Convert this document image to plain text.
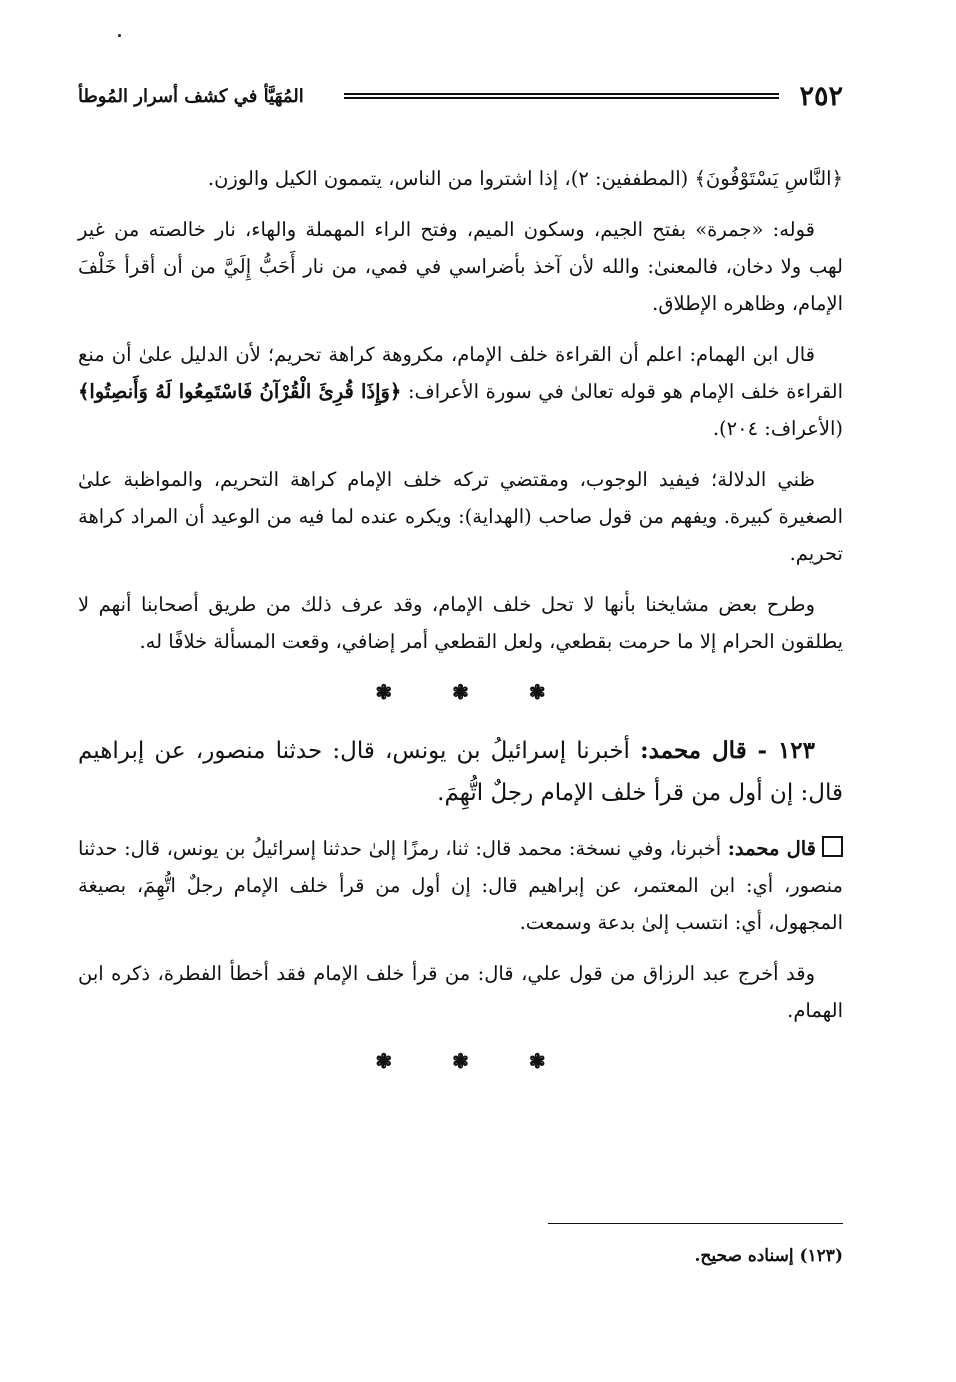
٢٥٢
المُهَيَّأ في كشف أسرار المُوطأ

﴿النَّاسِ يَسْتَوْفُونَ﴾ (المطففين: ٢)، إذا اشتروا من الناس، يتممون الكيل والوزن.

قوله: «جمرة» بفتح الجيم، وسكون الميم، وفتح الراء المهملة والهاء، نار خالصته من غير لهب ولا دخان، فالمعنىٰ: والله لأن آخذ بأضراسي في فمي، من نار أَحَبُّ إِلَيَّ من أن أقرأ خَلْفَ الإمام، وظاهره الإطلاق.

قال ابن الهمام: اعلم أن القراءة خلف الإمام، مكروهة كراهة تحريم؛ لأن الدليل علىٰ أن منع القراءة خلف الإمام هو قوله تعالىٰ في سورة الأعراف: ﴿وَإِذَا قُرِئَ الْقُرْآنُ فَاسْتَمِعُوا لَهُ وَأَنصِتُوا﴾ (الأعراف: ٢٠٤).

ظني الدلالة؛ فيفيد الوجوب، ومقتضي تركه خلف الإمام كراهة التحريم، والمواظبة علىٰ الصغيرة كبيرة. ويفهم من قول صاحب (الهداية): ويكره عنده لما فيه من الوعيد أن المراد كراهة تحريم.

وطرح بعض مشايخنا بأنها لا تحل خلف الإمام، وقد عرف ذلك من طريق أصحابنا أنهم لا يطلقون الحرام إلا ما حرمت بقطعي، ولعل القطعي أمر إضافي، وقعت المسألة خلافًا له.

❃❃❃

١٢٣ - قال محمد: أخبرنا إسرائيلُ بن يونس، قال: حدثنا منصور، عن إبراهيم قال: إن أول من قرأ خلف الإمام رجلٌ اتُّهِمَ.

قال محمد: أخبرنا، وفي نسخة: محمد قال: ثنا، رمزًا إلىٰ حدثنا إسرائيلُ بن يونس، قال: حدثنا منصور، أي: ابن المعتمر، عن إبراهيم قال: إن أول من قرأ خلف الإمام رجلٌ اتُّهِمَ، بصيغة المجهول، أي: انتسب إلىٰ بدعة وسمعت.

وقد أخرج عبد الرزاق من قول علي، قال: من قرأ خلف الإمام فقد أخطأ الفطرة، ذكره ابن الهمام.

❃❃❃
(١٢٣) إسناده صحيح.
